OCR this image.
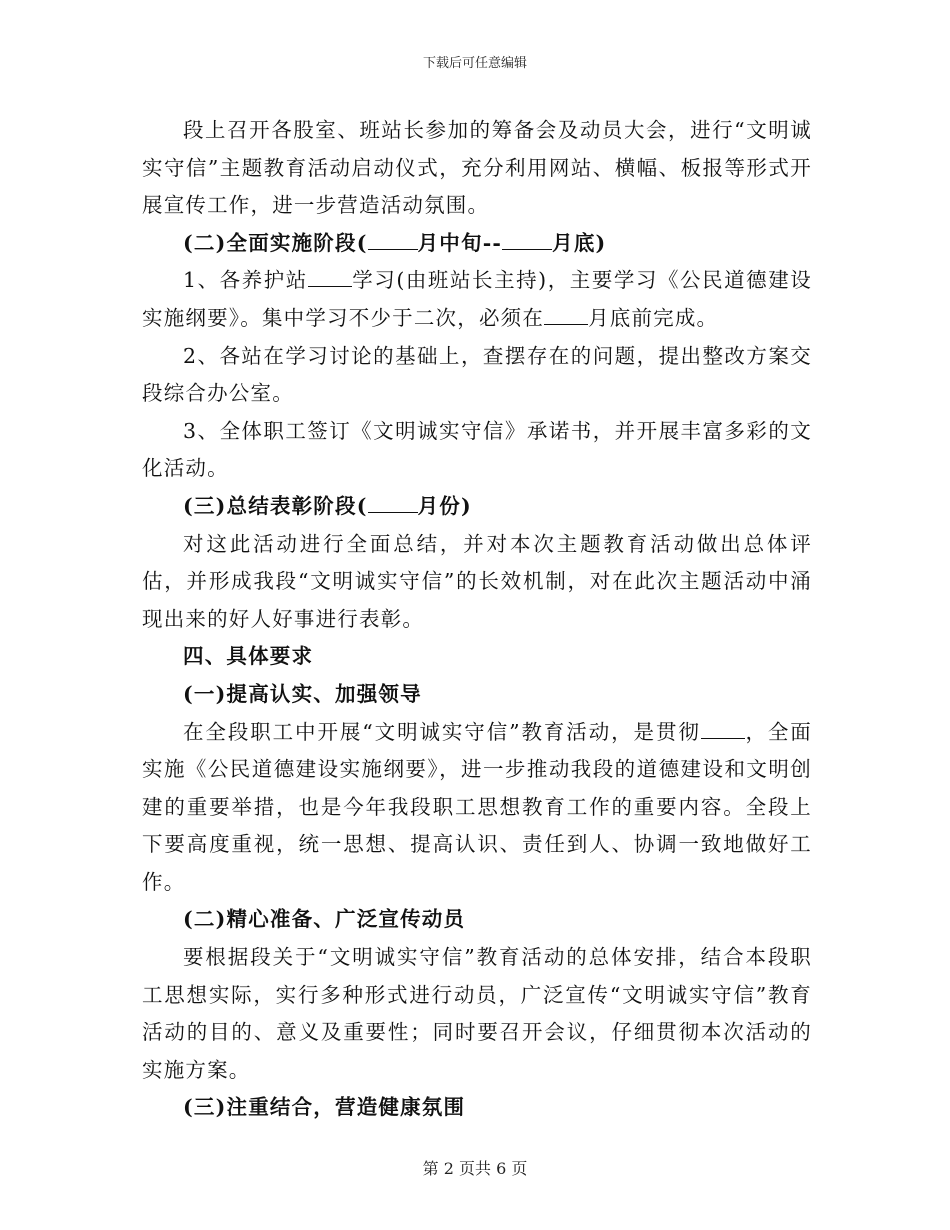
下载后可任意编辑

段上召开各股室、班站长参加的筹备会及动员大会，进行“文明诚实守信”主题教育活动启动仪式，充分利用网站、横幅、板报等形式开展宣传工作，进一步营造活动氛围。

(二)全面实施阶段( 月中旬-- 月底)

1、各养护站 学习(由班站长主持)，主要学习《公民道德建设实施纲要》。集中学习不少于二次，必须在 月底前完成。

2、各站在学习讨论的基础上，查摆存在的问题，提出整改方案交段综合办公室。

3、全体职工签订《文明诚实守信》承诺书，并开展丰富多彩的文化活动。

(三)总结表彰阶段( 月份)

对这此活动进行全面总结，并对本次主题教育活动做出总体评估，并形成我段“文明诚实守信”的长效机制，对在此次主题活动中涌现出来的好人好事进行表彰。

四、具体要求

(一)提高认实、加强领导

在全段职工中开展“文明诚实守信”教育活动，是贯彻 ，全面实施《公民道德建设实施纲要》，进一步推动我段的道德建设和文明创建的重要举措，也是今年我段职工思想教育工作的重要内容。全段上下要高度重视，统一思想、提高认识、责任到人、协调一致地做好工作。

(二)精心准备、广泛宣传动员

要根据段关于“文明诚实守信”教育活动的总体安排，结合本段职工思想实际，实行多种形式进行动员，广泛宣传“文明诚实守信”教育活动的目的、意义及重要性；同时要召开会议，仔细贯彻本次活动的实施方案。

(三)注重结合，营造健康氛围

第 2 页共 6 页
